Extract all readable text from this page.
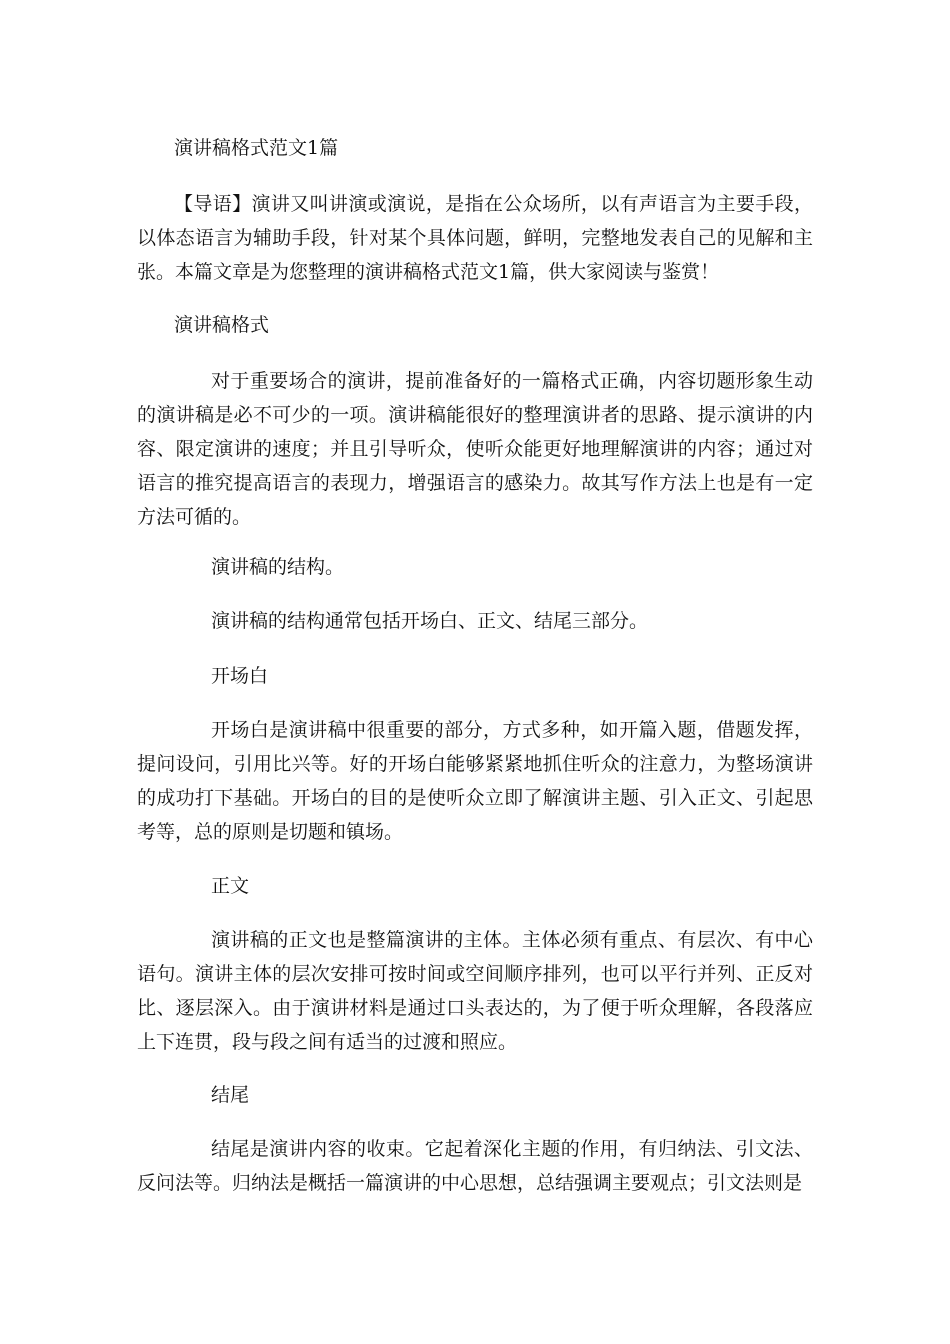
演讲稿格式范文1篇
【导语】演讲又叫讲演或演说，是指在公众场所，以有声语言为主要手段，以体态语言为辅助手段，针对某个具体问题，鲜明，完整地发表自己的见解和主张。本篇文章是为您整理的演讲稿格式范文1篇，供大家阅读与鉴赏！
演讲稿格式
对于重要场合的演讲，提前准备好的一篇格式正确，内容切题形象生动的演讲稿是必不可少的一项。演讲稿能很好的整理演讲者的思路、提示演讲的内容、限定演讲的速度；并且引导听众，使听众能更好地理解演讲的内容；通过对语言的推究提高语言的表现力，增强语言的感染力。故其写作方法上也是有一定方法可循的。
演讲稿的结构。
演讲稿的结构通常包括开场白、正文、结尾三部分。
开场白
开场白是演讲稿中很重要的部分，方式多种，如开篇入题，借题发挥，提问设问，引用比兴等。好的开场白能够紧紧地抓住听众的注意力，为整场演讲的成功打下基础。开场白的目的是使听众立即了解演讲主题、引入正文、引起思考等，总的原则是切题和镇场。
正文
演讲稿的正文也是整篇演讲的主体。主体必须有重点、有层次、有中心语句。演讲主体的层次安排可按时间或空间顺序排列，也可以平行并列、正反对比、逐层深入。由于演讲材料是通过口头表达的，为了便于听众理解，各段落应上下连贯，段与段之间有适当的过渡和照应。
结尾
结尾是演讲内容的收束。它起着深化主题的作用，有归纳法、引文法、反问法等。归纳法是概括一篇演讲的中心思想，总结强调主要观点；引文法则是
